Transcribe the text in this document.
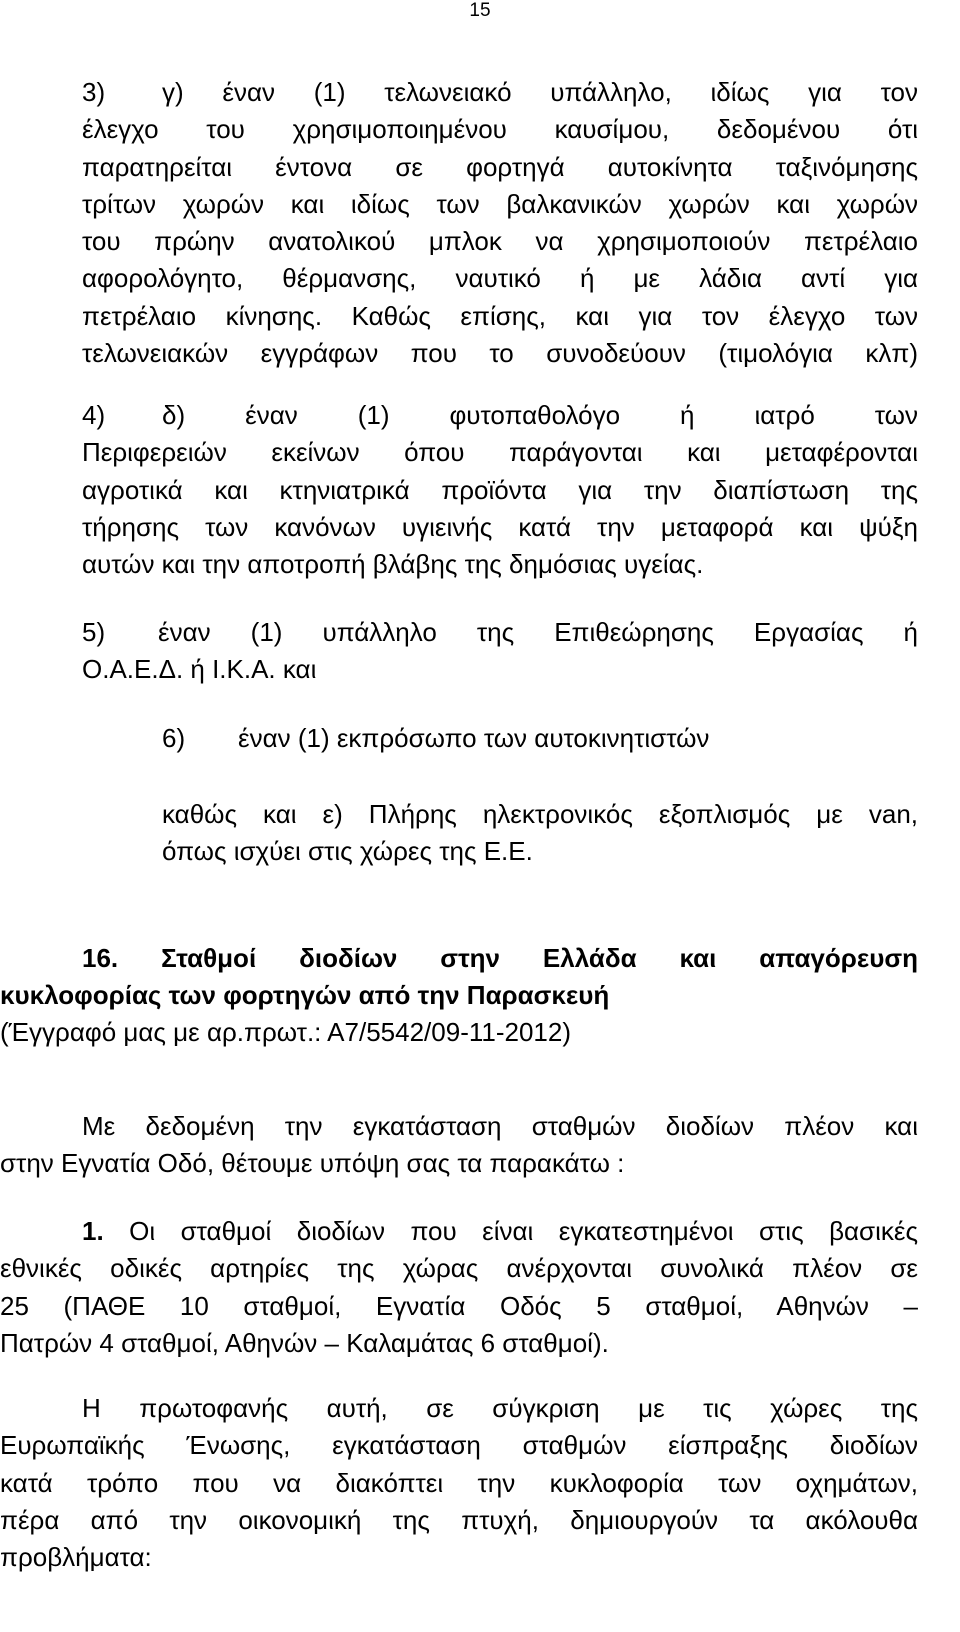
15
3) γ) έναν (1) τελωνειακό υπάλληλο, ιδίως για τον
έλεγχο του χρησιμοποιημένου καυσίμου, δεδομένου ότι
παρατηρείται έντονα σε φορτηγά αυτοκίνητα ταξινόμησης
τρίτων χωρών και ιδίως των βαλκανικών χωρών και χωρών
του πρώην ανατολικού μπλοκ να χρησιμοποιούν πετρέλαιο
αφορολόγητο, θέρμανσης, ναυτικό ή με λάδια αντί για
πετρέλαιο κίνησης. Καθώς επίσης, και για τον έλεγχο των
τελωνειακών εγγράφων που το συνοδεύουν (τιμολόγια κλπ)
4) δ) έναν (1) φυτοπαθολόγο ή ιατρό των
Περιφερειών εκείνων όπου παράγονται και μεταφέρονται
αγροτικά και κτηνιατρικά προϊόντα για την διαπίστωση της
τήρησης των κανόνων υγιεινής κατά την μεταφορά και ψύξη
αυτών και την αποτροπή βλάβης της δημόσιας υγείας.
5) έναν (1) υπάλληλο της Επιθεώρησης Εργασίας ή
Ο.Α.Ε.Δ. ή Ι.Κ.Α. και
6) έναν (1) εκπρόσωπο των αυτοκινητιστών
καθώς και ε) Πλήρης ηλεκτρονικός εξοπλισμός με van,
όπως ισχύει στις χώρες της Ε.Ε.
16. Σταθμοί διοδίων στην Ελλάδα και απαγόρευση
κυκλοφορίας των φορτηγών από την Παρασκευή
(Έγγραφό μας με αρ.πρωτ.: Α7/5542/09-11-2012)
Με δεδομένη την εγκατάσταση σταθμών διοδίων πλέον και
στην Εγνατία Οδό, θέτουμε υπόψη σας τα παρακάτω :
1. Οι σταθμοί διοδίων που είναι εγκατεστημένοι στις βασικές
εθνικές οδικές αρτηρίες της χώρας ανέρχονται συνολικά πλέον σε
25 (ΠΑΘΕ 10 σταθμοί, Εγνατία Οδός 5 σταθμοί, Αθηνών –
Πατρών 4 σταθμοί, Αθηνών – Καλαμάτας 6 σταθμοί).
Η πρωτοφανής αυτή, σε σύγκριση με τις χώρες της
Ευρωπαϊκής Ένωσης, εγκατάσταση σταθμών είσπραξης διοδίων
κατά τρόπο που να διακόπτει την κυκλοφορία των οχημάτων,
πέρα από την οικονομική της πτυχή, δημιουργούν τα ακόλουθα
προβλήματα:
